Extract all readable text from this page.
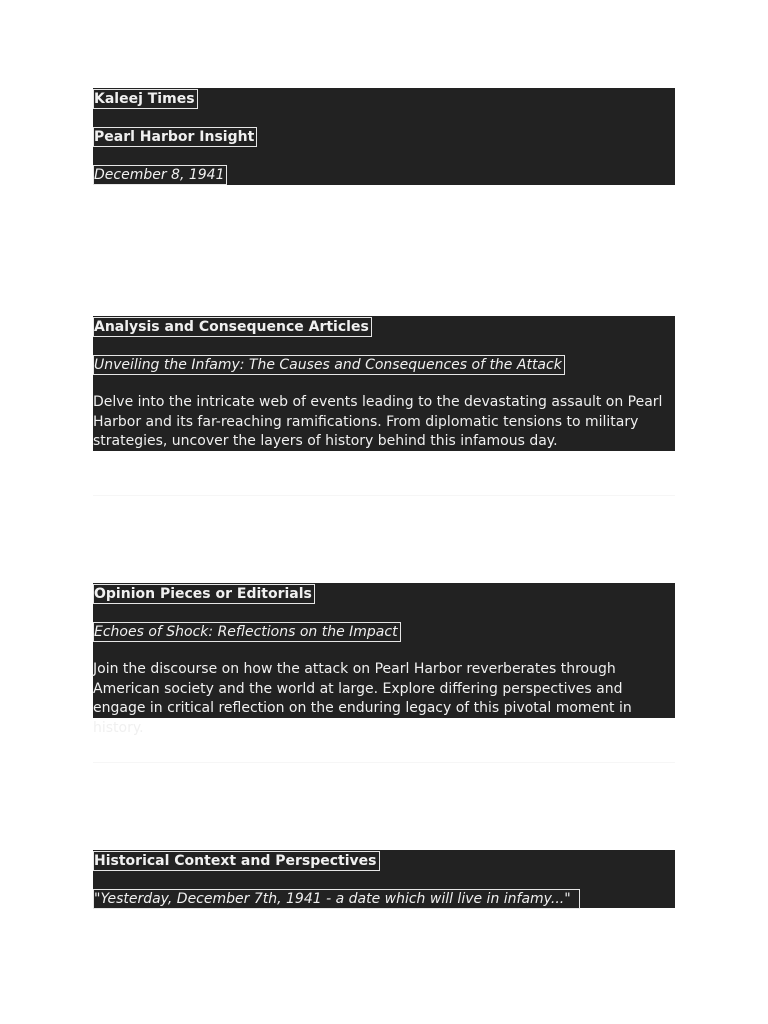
Kaleej Times
Pearl Harbor Insight
December 8, 1941
Analysis and Consequence Articles
Unveiling the Infamy: The Causes and Consequences of the Attack

Delve into the intricate web of events leading to the devastating assault on Pearl Harbor and its far-reaching ramifications. From diplomatic tensions to military strategies, uncover the layers of history behind this infamous day.

Opinion Pieces or Editorials
Echoes of Shock: Reflections on the Impact

Join the discourse on how the attack on Pearl Harbor reverberates through American society and the world at large. Explore differing perspectives and engage in critical reflection on the enduring legacy of this pivotal moment in history.

Historical Context and Perspectives
"Yesterday, December 7th, 1941 - a date which will live in infamy..."
